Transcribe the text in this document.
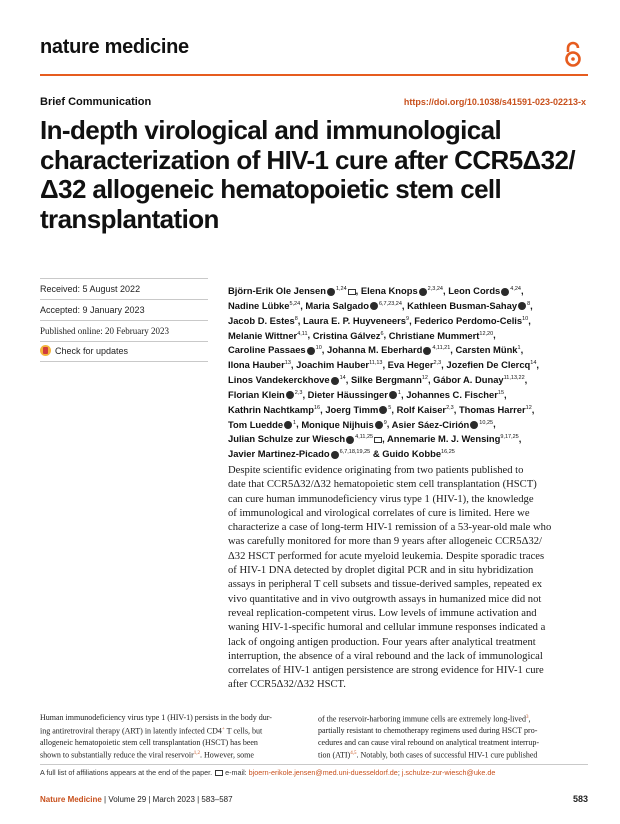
nature medicine
Brief Communication	https://doi.org/10.1038/s41591-023-02213-x
In-depth virological and immunological characterization of HIV-1 cure after CCR5Δ32/Δ32 allogeneic hematopoietic stem cell transplantation
Received: 5 August 2022
Accepted: 9 January 2023
Published online: 20 February 2023
Check for updates
Björn-Erik Ole Jensen $^{1,24}$ , Elena Knops $^{2,3,24}$, Leon Cords $^{4,24}$, Nadine Lübke$^{5,24}$, Maria Salgado $^{6,7,23,24}$, Kathleen Busman-Sahay $^8$, Jacob D. Estes$^8$, Laura E. P. Huyveneers$^9$, Federico Perdomo-Celis$^{10}$, Melanie Wittner$^{4,11}$, Cristina Gálvez$^6$, Christiane Mummert$^{12,20}$, Caroline Passaes $^{10}$, Johanna M. Eberhard $^{4,11,21}$, Carsten Münk$^1$, Ilona Hauber$^{13}$, Joachim Hauber$^{11,13}$, Eva Heger$^{2,3}$, Jozefien De Clercq$^{14}$, Linos Vandekerckhove $^{14}$, Silke Bergmann$^{12}$, Gábor A. Dunay$^{11,13,22}$, Florian Klein $^{2,3}$, Dieter Häussinger $^1$, Johannes C. Fischer$^{15}$, Kathrin Nachtkamp$^{16}$, Joerg Timm $^5$, Rolf Kaiser$^{2,3}$, Thomas Harrer$^{12}$, Tom Luedde $^1$, Monique Nijhuis $^9$, Asier Sáez-Cirión $^{10,25}$, Julian Schulze zur Wiesch $^{4,11,25}$ , Annemarie M. J. Wensing$^{9,17,25}$, Javier Martinez-Picado $^{6,7,18,19,25}$ & Guido Kobbe$^{16,25}$
Despite scientific evidence originating from two patients published to
date that CCR5Δ32/Δ32 hematopoietic stem cell transplantation (HSCT)
can cure human immunodeficiency virus type 1 (HIV-1), the knowledge
of immunological and virological correlates of cure is limited. Here we
characterize a case of long-term HIV-1 remission of a 53-year-old male who
was carefully monitored for more than 9 years after allogeneic CCR5Δ32/
Δ32 HSCT performed for acute myeloid leukemia. Despite sporadic traces
of HIV-1 DNA detected by droplet digital PCR and in situ hybridization
assays in peripheral T cell subsets and tissue-derived samples, repeated ex
vivo quantitative and in vivo outgrowth assays in humanized mice did not
reveal replication-competent virus. Low levels of immune activation and
waning HIV-1-specific humoral and cellular immune responses indicated a
lack of ongoing antigen production. Four years after analytical treatment
interruption, the absence of a viral rebound and the lack of immunological
correlates of HIV-1 antigen persistence are strong evidence for HIV-1 cure
after CCR5Δ32/Δ32 HSCT.
Human immunodeficiency virus type 1 (HIV-1) persists in the body dur-
ing antiretroviral therapy (ART) in latently infected CD4+ T cells, but
allogeneic hematopoietic stem cell transplantation (HSCT) has been
shown to substantially reduce the viral reservoir$^{1,2}$. However, some
of the reservoir-harboring immune cells are extremely long-lived$^3$,
partially resistant to chemotherapy regimens used during HSCT pro-
cedures and can cause viral rebound on analytical treatment interrup-
tion (ATI)$^{4,5}$. Notably, both cases of successful HIV-1 cure published
A full list of affiliations appears at the end of the paper. e-mail: bjoern-erikole.jensen@med.uni-duesseldorf.de; j.schulze-zur-wiesch@uke.de
Nature Medicine | Volume 29 | March 2023 | 583–587	583
